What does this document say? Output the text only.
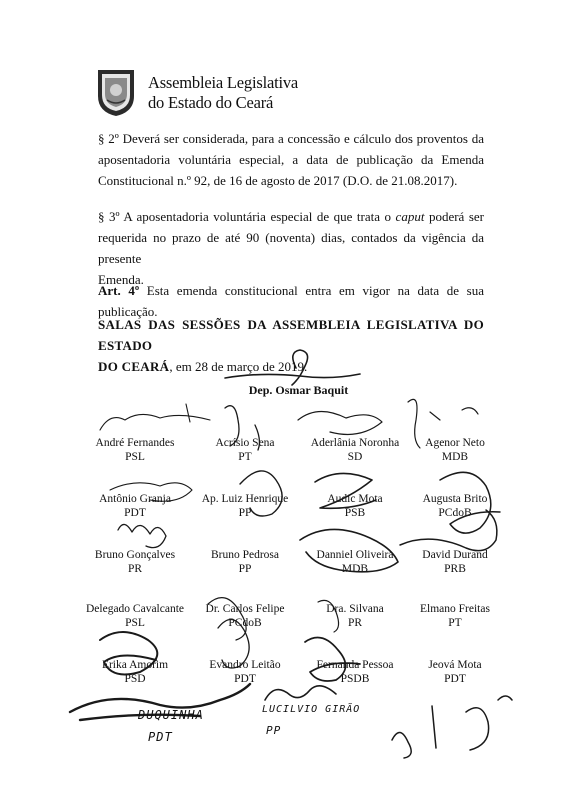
Assembleia Legislativa
do Estado do Ceará
§ 2º Deverá ser considerada, para a concessão e cálculo dos proventos da
aposentadoria voluntária especial, a data de publicação da Emenda
Constitucional n.º 92, de 16 de agosto de 2017 (D.O. de 21.08.2017).
§ 3º A aposentadoria voluntária especial de que trata o caput poderá ser
requerida no prazo de até 90 (noventa) dias, contados da vigência da presente
Emenda.
Art. 4º Esta emenda constitucional entra em vigor na data de sua publicação.
SALAS DAS SESSÕES DA ASSEMBLEIA LEGISLATIVA DO ESTADO
DO CEARÁ, em 28 de março de 2019.
Dep. Osmar Baquit
André Fernandes
PSL
Acrísio Sena
PT
Aderlânia Noronha
SD
Agenor Neto
MDB
Antônio Granja
PDT
Ap. Luiz Henrique
PP
Audic Mota
PSB
Augusta Brito
PCdoB
Bruno Gonçalves
PR
Bruno Pedrosa
PP
Danniel Oliveira
MDB
David Durand
PRB
Delegado Cavalcante
PSL
Dr. Carlos Felipe
PCdoB
Dra. Silvana
PR
Elmano Freitas
PT
Erika Amorim
PSD
Evandro Leitão
PDT
Fernanda Pessoa
PSDB
Jeová Mota
PDT
DUQUINHA
PDT
LUCILVIO GIRÃO
PP
